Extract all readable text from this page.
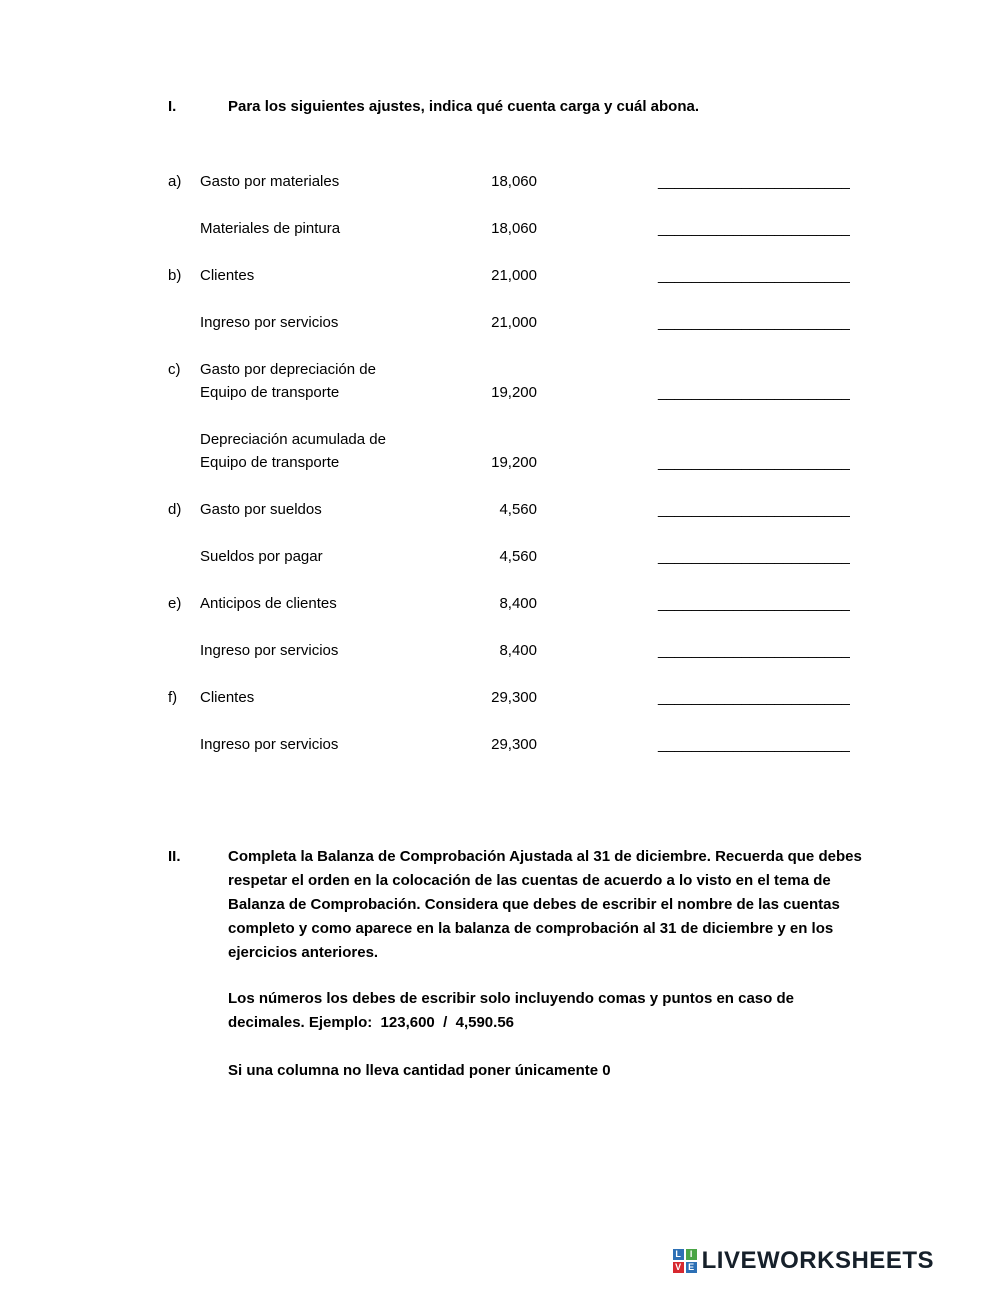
I.	Para los siguientes ajustes, indica qué cuenta carga y cuál abona.
a)	Gasto por materiales	18,060	_______________________
Materiales de pintura	18,060	_______________________
b)	Clientes	21,000	_______________________
Ingreso por servicios	21,000	_______________________
c)	Gasto por depreciación de
Equipo de transporte	19,200	_______________________
Depreciación acumulada de
Equipo de transporte	19,200	_______________________
d)	Gasto por sueldos	4,560	_______________________
Sueldos por pagar	4,560	_______________________
e)	Anticipos de clientes	8,400	_______________________
Ingreso por servicios	8,400	_______________________
f)	Clientes	29,300	_______________________
Ingreso por servicios	29,300	_______________________
II.	Completa la Balanza de Comprobación Ajustada al 31 de diciembre. Recuerda que debes respetar el orden en la colocación de las cuentas de acuerdo a lo visto en el tema de Balanza de Comprobación. Considera que debes de escribir el nombre de las cuentas completo y como aparece en la balanza de comprobación al 31 de diciembre y en los ejercicios anteriores.
Los números los debes de escribir solo incluyendo comas y puntos en caso de decimales. Ejemplo:  123,600  /  4,590.56
Si una columna no lleva cantidad poner únicamente 0
L I
V E LIVEWORKSHEETS
